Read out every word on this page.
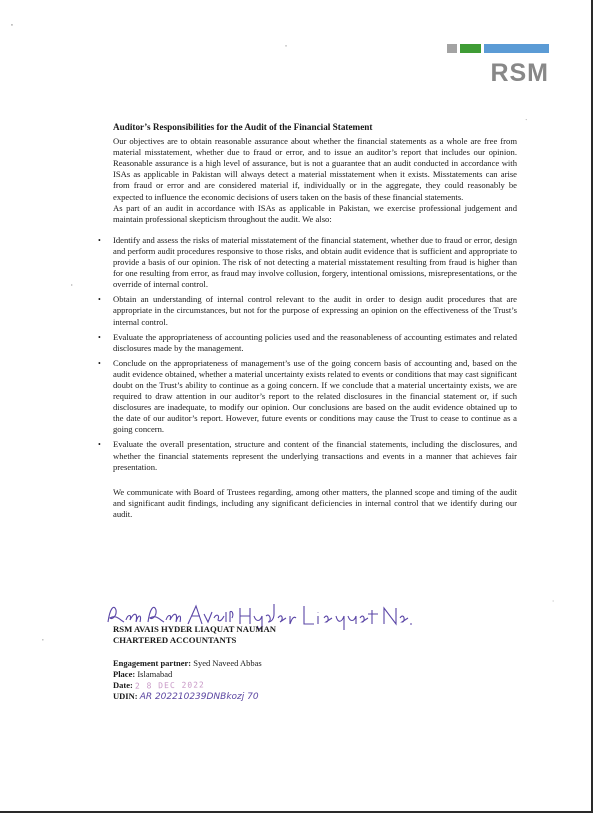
RSM

Auditor’s Responsibilities for the Audit of the Financial Statement

Our objectives are to obtain reasonable assurance about whether the financial statements as a whole are free from material misstatement, whether due to fraud or error, and to issue an auditor’s report that includes our opinion. Reasonable assurance is a high level of assurance, but is not a guarantee that an audit conducted in accordance with ISAs as applicable in Pakistan will always detect a material misstatement when it exists. Misstatements can arise from fraud or error and are considered material if, individually or in the aggregate, they could reasonably be expected to influence the economic decisions of users taken on the basis of these financial statements.

As part of an audit in accordance with ISAs as applicable in Pakistan, we exercise professional judgement and maintain professional skepticism throughout the audit. We also:

• Identify and assess the risks of material misstatement of the financial statement, whether due to fraud or error, design and perform audit procedures responsive to those risks, and obtain audit evidence that is sufficient and appropriate to provide a basis of our opinion. The risk of not detecting a material misstatement resulting from fraud is higher than for one resulting from error, as fraud may involve collusion, forgery, intentional omissions, misrepresentations, or the override of internal control.
• Obtain an understanding of internal control relevant to the audit in order to design audit procedures that are appropriate in the circumstances, but not for the purpose of expressing an opinion on the effectiveness of the Trust’s internal control.
• Evaluate the appropriateness of accounting policies used and the reasonableness of accounting estimates and related disclosures made by the management.
• Conclude on the appropriateness of management’s use of the going concern basis of accounting and, based on the audit evidence obtained, whether a material uncertainty exists related to events or conditions that may cast significant doubt on the Trust’s ability to continue as a going concern. If we conclude that a material uncertainty exists, we are required to draw attention in our auditor’s report to the related disclosures in the financial statement or, if such disclosures are inadequate, to modify our opinion. Our conclusions are based on the audit evidence obtained up to the date of our auditor’s report. However, future events or conditions may cause the Trust to cease to continue as a going concern.
• Evaluate the overall presentation, structure and content of the financial statements, including the disclosures, and whether the financial statements represent the underlying transactions and events in a manner that achieves fair presentation.

We communicate with Board of Trustees regarding, among other matters, the planned scope and timing of the audit and significant audit findings, including any significant deficiencies in internal control that we identify during our audit.

RSM AVAIS HYDER LIAQUAT NAUMAN
CHARTERED ACCOUNTANTS
Engagement partner: Syed Naveed Abbas
Place: Islamabad
Date: 2 8 DEC 2022
UDIN: AR 202210239DNBkozj 70
